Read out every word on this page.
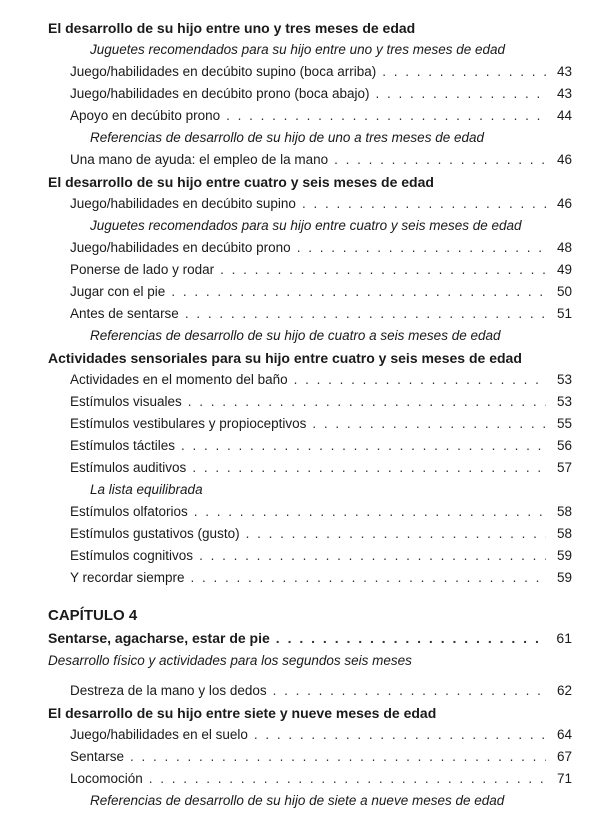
El desarrollo de su hijo entre uno y tres meses de edad
Juguetes recomendados para su hijo entre uno y tres meses de edad
Juego/habilidades en decúbito supino (boca arriba) . . .	43
Juego/habilidades en decúbito prono (boca abajo) . . .	43
Apoyo en decúbito prono . . .	44
Referencias de desarrollo de su hijo de uno a tres meses de edad
Una mano de ayuda: el empleo de la mano . . .	46
El desarrollo de su hijo entre cuatro y seis meses de edad
Juego/habilidades en decúbito supino . . .	46
Juguetes recomendados para su hijo entre cuatro y seis meses de edad
Juego/habilidades en decúbito prono . . .	48
Ponerse de lado y rodar . . .	49
Jugar con el pie . . .	50
Antes de sentarse . . .	51
Referencias de desarrollo de su hijo de cuatro a seis meses de edad
Actividades sensoriales para su hijo entre cuatro y seis meses de edad
Actividades en el momento del baño . . .	53
Estímulos visuales . . .	53
Estímulos vestibulares y propioceptivos . . .	55
Estímulos táctiles . . .	56
Estímulos auditivos . . .	57
La lista equilibrada
Estímulos olfatorios . . .	58
Estímulos gustativos (gusto) . . .	58
Estímulos cognitivos . . .	59
Y recordar siempre . . .	59
CAPÍTULO 4
Sentarse, agacharse, estar de pie . . .	61
Desarrollo físico y actividades para los segundos seis meses
Destreza de la mano y los dedos . . .	62
El desarrollo de su hijo entre siete y nueve meses de edad
Juego/habilidades en el suelo . . .	64
Sentarse . . .	67
Locomoción . . .	71
Referencias de desarrollo de su hijo de siete a nueve meses de edad
